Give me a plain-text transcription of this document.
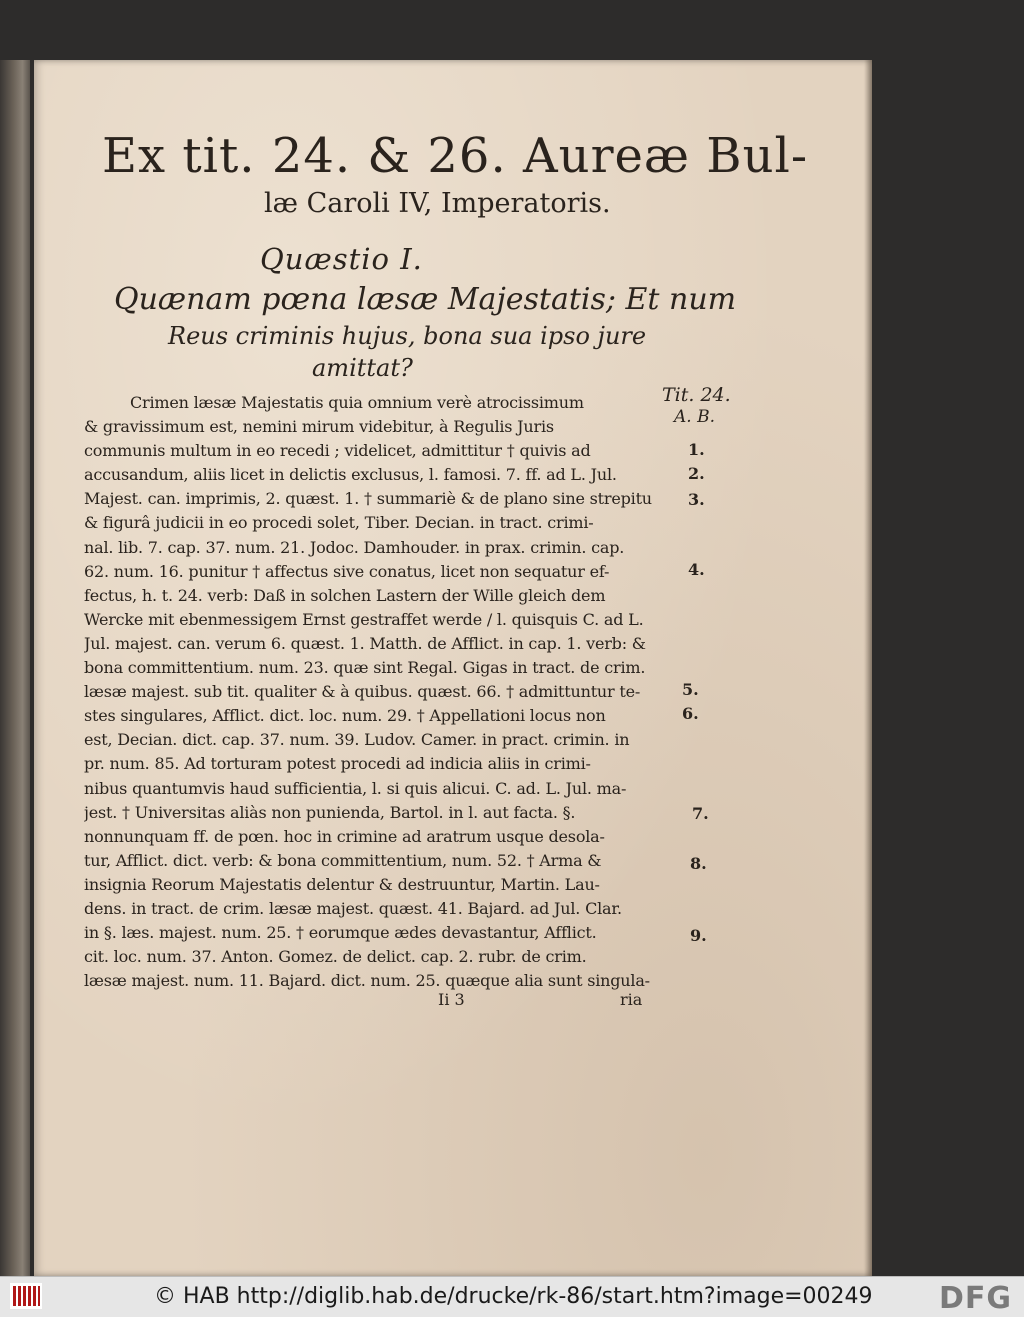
Ex tit. 24. & 26. Aureæ Bul-
læ Caroli IV, Imperatoris.
Quæstio I.
Quænam pœna læsæ Majestatis; Et num
Reus criminis hujus, bona sua ipso jure
amittat?
Crimen læsæ Majestatis quia omnium verè atrocissimum
& gravissimum est, nemini mirum videbitur, à Regulis Juris
communis multum in eo recedi ; videlicet, admittitur † quivis ad
accusandum, aliis licet in delictis exclusus, l. famosi. 7. ff. ad L. Jul.
Majest. can. imprimis, 2. quæst. 1. † summariè & de plano sine strepitu
& figurâ judicii in eo procedi solet, Tiber. Decian. in tract. crimi-
nal. lib. 7. cap. 37. num. 21. Jodoc. Damhouder. in prax. crimin. cap.
62. num. 16. punitur † affectus sive conatus, licet non sequatur ef-
fectus, h. t. 24. verb: Daß in solchen Lastern der Wille gleich dem
Wercke mit ebenmessigem Ernst gestraffet werde / l. quisquis C. ad L.
Jul. majest. can. verum 6. quæst. 1. Matth. de Afflict. in cap. 1. verb: &
bona committentium. num. 23. quæ sint Regal. Gigas in tract. de crim.
læsæ majest. sub tit. qualiter & à quibus. quæst. 66. † admittuntur te-
stes singulares, Afflict. dict. loc. num. 29. † Appellationi locus non
est, Decian. dict. cap. 37. num. 39. Ludov. Camer. in pract. crimin. in
pr. num. 85. Ad torturam potest procedi ad indicia aliis in crimi-
nibus quantumvis haud sufficientia, l. si quis alicui. C. ad. L. Jul. ma-
jest. † Universitas aliàs non punienda, Bartol. in l. aut facta. §.
nonnunquam ff. de pœn. hoc in crimine ad aratrum usque desola-
tur, Afflict. dict. verb: & bona committentium, num. 52. † Arma &
insignia Reorum Majestatis delentur & destruuntur, Martin. Lau-
dens. in tract. de crim. læsæ majest. quæst. 41. Bajard. ad Jul. Clar.
in §. læs. majest. num. 25. † eorumque ædes devastantur, Afflict.
cit. loc. num. 37. Anton. Gomez. de delict. cap. 2. rubr. de crim.
læsæ majest. num. 11. Bajard. dict. num. 25. quæque alia sunt singula-
Ii 3	ria
Tit. 24.
A. B.
1.
2.
3.
4.
5.
6.
7.
8.
9.
© HAB http://diglib.hab.de/drucke/rk-86/start.htm?image=00249 DFG
